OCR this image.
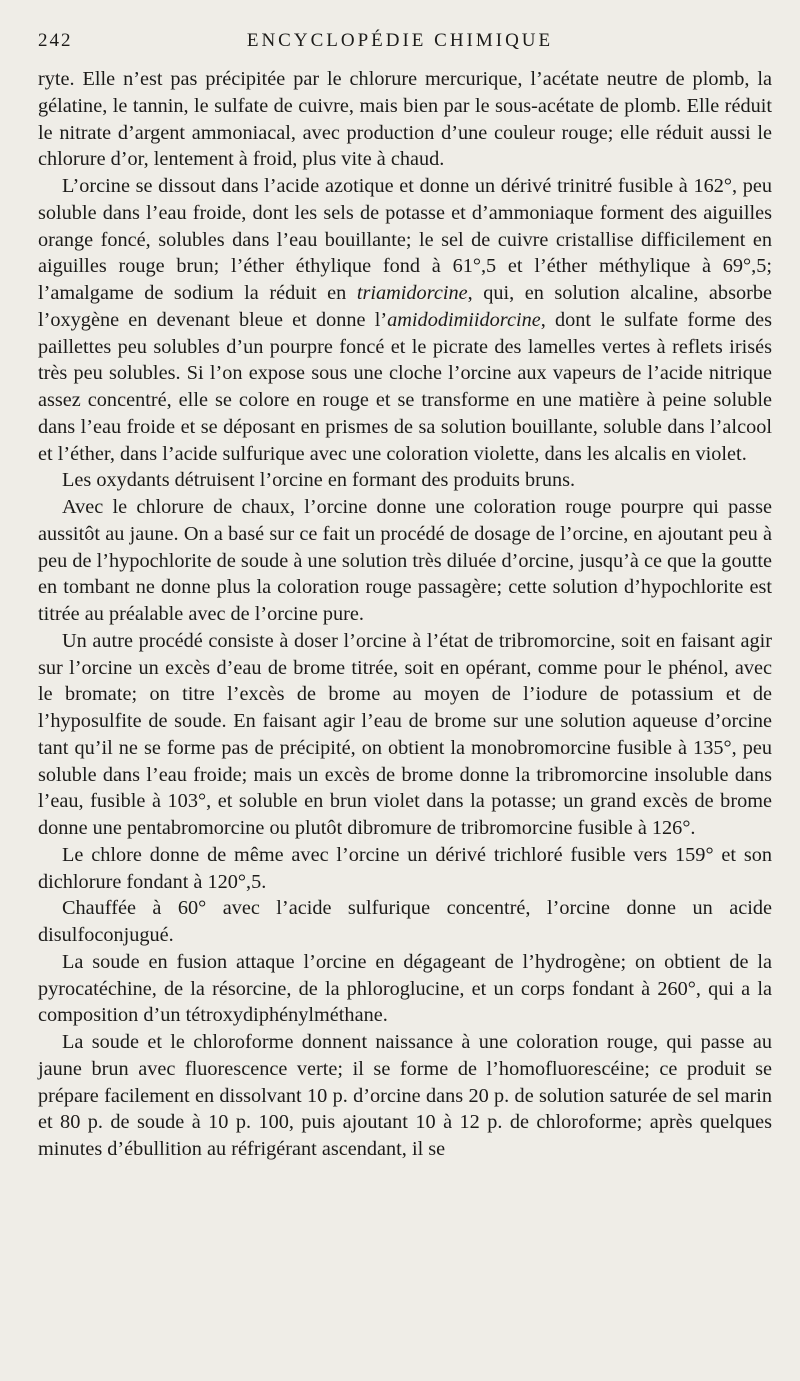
242	ENCYCLOPÉDIE CHIMIQUE

ryte. Elle n’est pas précipitée par le chlorure mercurique, l’acétate neutre de plomb, la gélatine, le tannin, le sulfate de cuivre, mais bien par le sous-acétate de plomb. Elle réduit le nitrate d’argent ammoniacal, avec production d’une couleur rouge; elle réduit aussi le chlorure d’or, lentement à froid, plus vite à chaud.

L’orcine se dissout dans l’acide azotique et donne un dérivé trinitré fusible à 162°, peu soluble dans l’eau froide, dont les sels de potasse et d’ammoniaque forment des aiguilles orange foncé, solubles dans l’eau bouillante; le sel de cuivre cristallise difficilement en aiguilles rouge brun; l’éther éthylique fond à 61°,5 et l’éther méthylique à 69°,5; l’amalgame de sodium la réduit en triamidorcine, qui, en solution alcaline, absorbe l’oxygène en devenant bleue et donne l’amidodimiidorcine, dont le sulfate forme des paillettes peu solubles d’un pourpre foncé et le picrate des lamelles vertes à reflets irisés très peu solubles. Si l’on expose sous une cloche l’orcine aux vapeurs de l’acide nitrique assez concentré, elle se colore en rouge et se transforme en une matière à peine soluble dans l’eau froide et se déposant en prismes de sa solution bouillante, soluble dans l’alcool et l’éther, dans l’acide sulfurique avec une coloration violette, dans les alcalis en violet.

Les oxydants détruisent l’orcine en formant des produits bruns.

Avec le chlorure de chaux, l’orcine donne une coloration rouge pourpre qui passe aussitôt au jaune. On a basé sur ce fait un procédé de dosage de l’orcine, en ajoutant peu à peu de l’hypochlorite de soude à une solution très diluée d’orcine, jusqu’à ce que la goutte en tombant ne donne plus la coloration rouge passagère; cette solution d’hypochlorite est titrée au préalable avec de l’orcine pure.

Un autre procédé consiste à doser l’orcine à l’état de tribromorcine, soit en faisant agir sur l’orcine un excès d’eau de brome titrée, soit en opérant, comme pour le phénol, avec le bromate; on titre l’excès de brome au moyen de l’iodure de potassium et de l’hyposulfite de soude. En faisant agir l’eau de brome sur une solution aqueuse d’orcine tant qu’il ne se forme pas de précipité, on obtient la monobromorcine fusible à 135°, peu soluble dans l’eau froide; mais un excès de brome donne la tribromorcine insoluble dans l’eau, fusible à 103°, et soluble en brun violet dans la potasse; un grand excès de brome donne une pentabromorcine ou plutôt dibromure de tribromorcine fusible à 126°.

Le chlore donne de même avec l’orcine un dérivé trichloré fusible vers 159° et son dichlorure fondant à 120°,5.

Chauffée à 60° avec l’acide sulfurique concentré, l’orcine donne un acide disulfoconjugué.

La soude en fusion attaque l’orcine en dégageant de l’hydrogène; on obtient de la pyrocatéchine, de la résorcine, de la phloroglucine, et un corps fondant à 260°, qui a la composition d’un tétroxydiphénylméthane.

La soude et le chloroforme donnent naissance à une coloration rouge, qui passe au jaune brun avec fluorescence verte; il se forme de l’homofluorescéine; ce produit se prépare facilement en dissolvant 10 p. d’orcine dans 20 p. de solution saturée de sel marin et 80 p. de soude à 10 p. 100, puis ajoutant 10 à 12 p. de chloroforme; après quelques minutes d’ébullition au réfrigérant ascendant, il se
